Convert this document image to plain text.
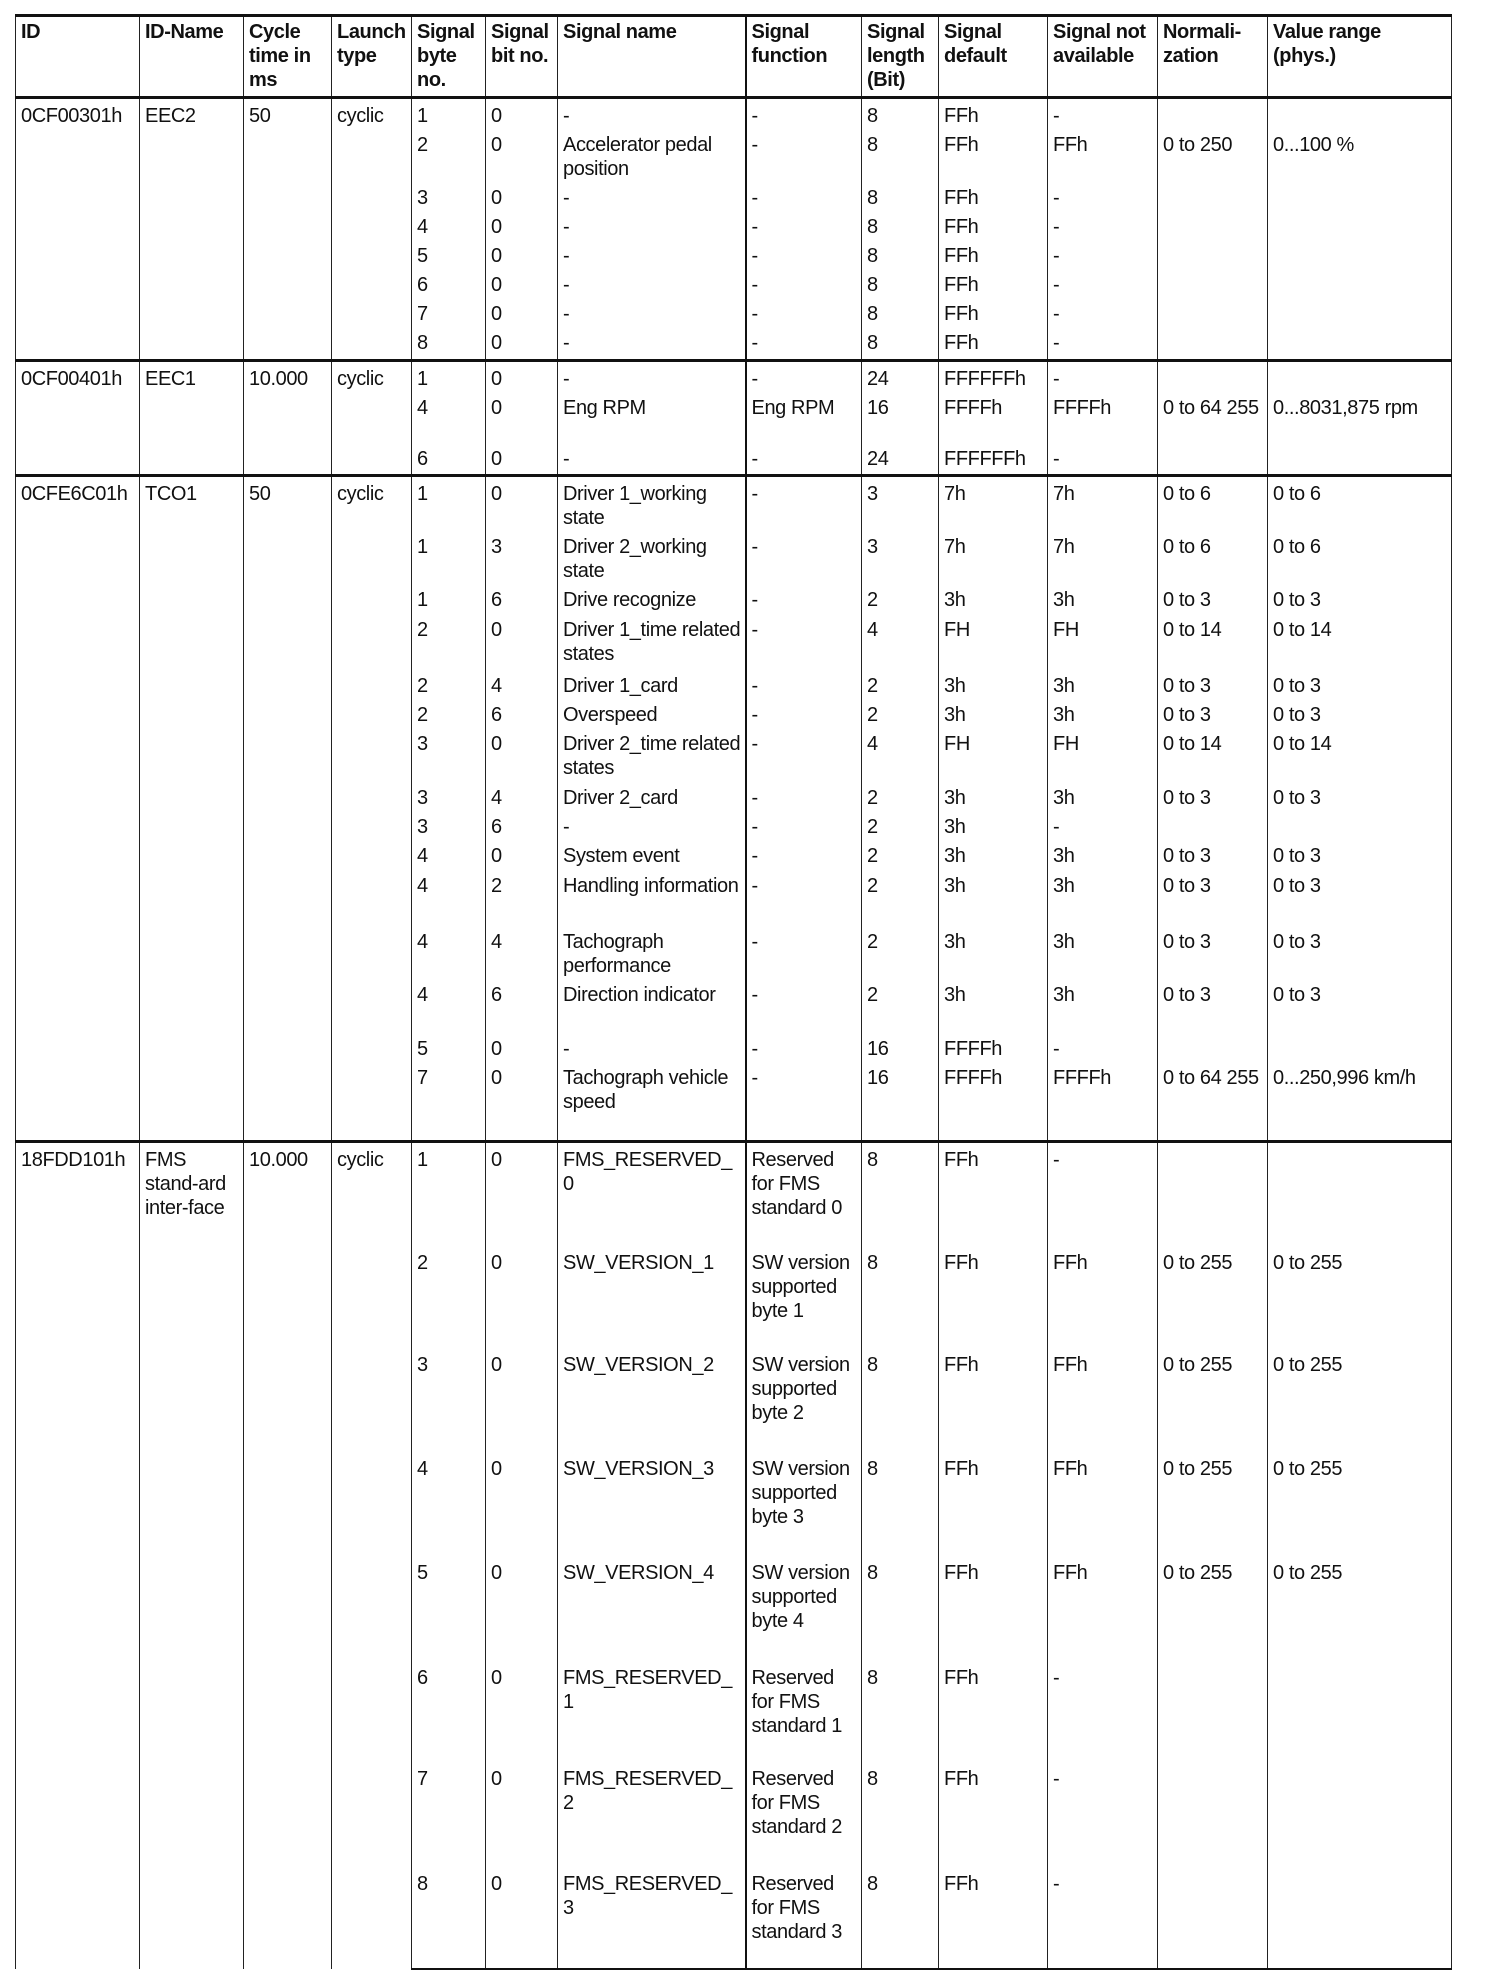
ID	ID-Name	Cycle time in ms	Launch type	Signal byte no.	Signal bit no.	Signal name	Signal function	Signal length (Bit)	Signal default	Signal not available	Normali-zation	Value range (phys.)
0CF00301h	EEC2	50	cyclic	1	0	-	-	8	FFh	-		
				2	0	Accelerator pedal position	-	8	FFh	FFh	0 to 250	0...100 %
				3	0	-	-	8	FFh	-		
				4	0	-	-	8	FFh	-		
				5	0	-	-	8	FFh	-		
				6	0	-	-	8	FFh	-		
				7	0	-	-	8	FFh	-		
				8	0	-	-	8	FFh	-		
0CF00401h	EEC1	10.000	cyclic	1	0	-	-	24	FFFFFFh	-		
				4	0	Eng RPM	Eng RPM	16	FFFFh	FFFFh	0 to 64 255	0...8031,875 rpm
				6	0	-	-	24	FFFFFFh	-		
0CFE6C01h	TCO1	50	cyclic	1	0	Driver 1_working state	-	3	7h	7h	0 to 6	0 to 6
				1	3	Driver 2_working state	-	3	7h	7h	0 to 6	0 to 6
				1	6	Drive recognize	-	2	3h	3h	0 to 3	0 to 3
				2	0	Driver 1_time related states	-	4	FH	FH	0 to 14	0 to 14
				2	4	Driver 1_card	-	2	3h	3h	0 to 3	0 to 3
				2	6	Overspeed	-	2	3h	3h	0 to 3	0 to 3
				3	0	Driver 2_time related states	-	4	FH	FH	0 to 14	0 to 14
				3	4	Driver 2_card	-	2	3h	3h	0 to 3	0 to 3
				3	6	-	-	2	3h	-		
				4	0	System event	-	2	3h	3h	0 to 3	0 to 3
				4	2	Handling information	-	2	3h	3h	0 to 3	0 to 3
				4	4	Tachograph performance	-	2	3h	3h	0 to 3	0 to 3
				4	6	Direction indicator	-	2	3h	3h	0 to 3	0 to 3
				5	0	-	-	16	FFFFh	-		
				7	0	Tachograph vehicle speed	-	16	FFFFh	FFFFh	0 to 64 255	0...250,996 km/h
18FDD101h	FMS stand-ard inter-face	10.000	cyclic	1	0	FMS_RESERVED_0	Reserved for FMS standard 0	8	FFh	-		
				2	0	SW_VERSION_1	SW version supported byte 1	8	FFh	FFh	0 to 255	0 to 255
				3	0	SW_VERSION_2	SW version supported byte 2	8	FFh	FFh	0 to 255	0 to 255
				4	0	SW_VERSION_3	SW version supported byte 3	8	FFh	FFh	0 to 255	0 to 255
				5	0	SW_VERSION_4	SW version supported byte 4	8	FFh	FFh	0 to 255	0 to 255
				6	0	FMS_RESERVED_1	Reserved for FMS standard 1	8	FFh	-		
				7	0	FMS_RESERVED_2	Reserved for FMS standard 2	8	FFh	-		
				8	0	FMS_RESERVED_3	Reserved for FMS standard 3	8	FFh	-		
